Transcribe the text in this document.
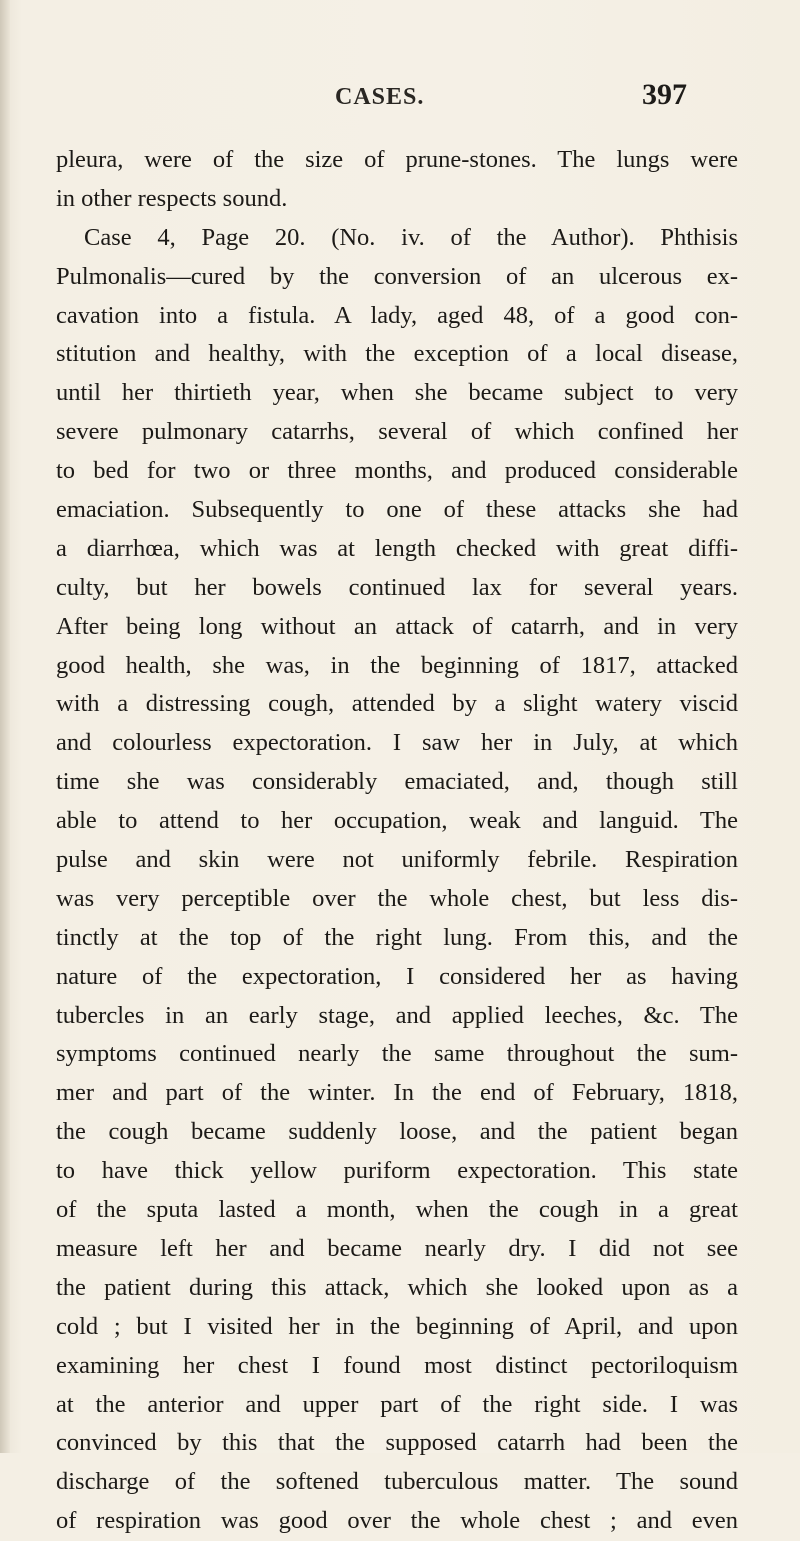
CASES.	397
pleura, were of the size of prune-stones. The lungs were
in other respects sound.
Case 4, Page 20. (No. iv. of the Author). Phthisis
Pulmonalis—cured by the conversion of an ulcerous ex-
cavation into a fistula. A lady, aged 48, of a good con-
stitution and healthy, with the exception of a local disease,
until her thirtieth year, when she became subject to very
severe pulmonary catarrhs, several of which confined her
to bed for two or three months, and produced considerable
emaciation. Subsequently to one of these attacks she had
a diarrhœa, which was at length checked with great diffi-
culty, but her bowels continued lax for several years.
After being long without an attack of catarrh, and in very
good health, she was, in the beginning of 1817, attacked
with a distressing cough, attended by a slight watery viscid
and colourless expectoration. I saw her in July, at which
time she was considerably emaciated, and, though still
able to attend to her occupation, weak and languid. The
pulse and skin were not uniformly febrile. Respiration
was very perceptible over the whole chest, but less dis-
tinctly at the top of the right lung. From this, and the
nature of the expectoration, I considered her as having
tubercles in an early stage, and applied leeches, &c. The
symptoms continued nearly the same throughout the sum-
mer and part of the winter. In the end of February, 1818,
the cough became suddenly loose, and the patient began
to have thick yellow puriform expectoration. This state
of the sputa lasted a month, when the cough in a great
measure left her and became nearly dry. I did not see
the patient during this attack, which she looked upon as a
cold ; but I visited her in the beginning of April, and upon
examining her chest I found most distinct pectoriloquism
at the anterior and upper part of the right side. I was
convinced by this that the supposed catarrh had been the
discharge of the softened tuberculous matter. The sound
of respiration was good over the whole chest ; and even
